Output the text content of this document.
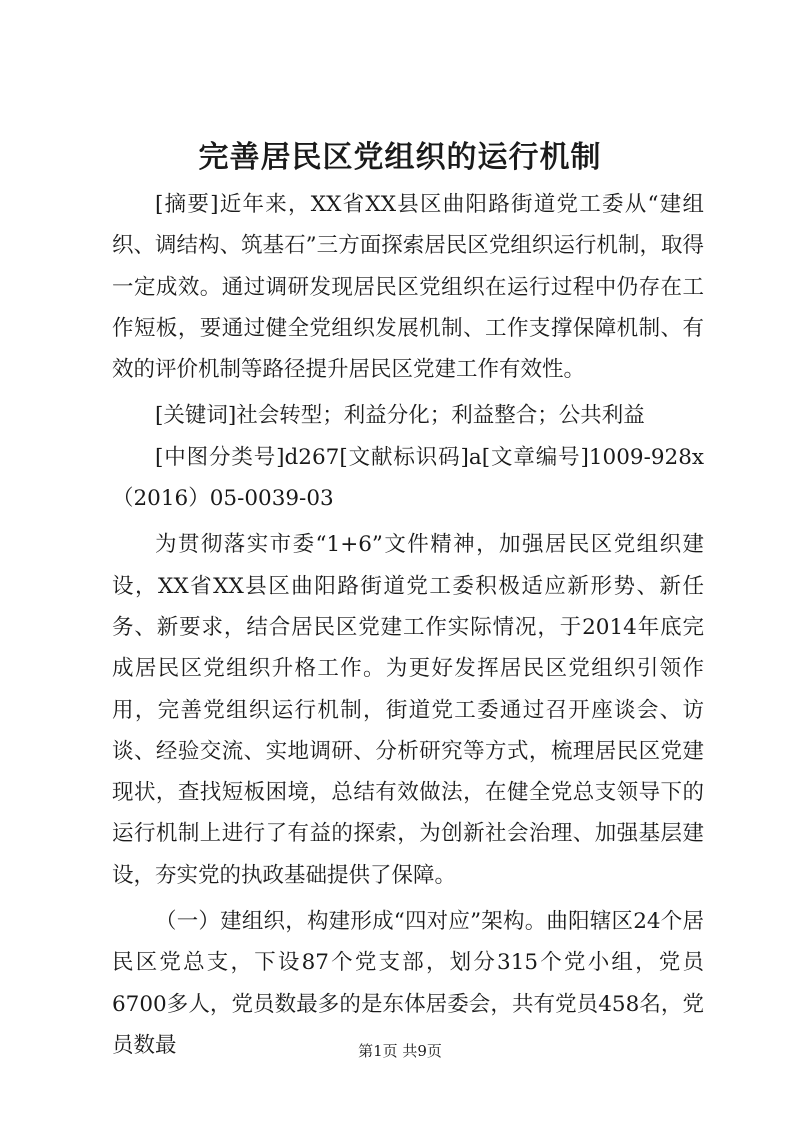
完善居民区党组织的运行机制

[摘要]近年来，XX省XX县区曲阳路街道党工委从“建组织、调结构、筑基石”三方面探索居民区党组织运行机制，取得一定成效。通过调研发现居民区党组织在运行过程中仍存在工作短板，要通过健全党组织发展机制、工作支撑保障机制、有效的评价机制等路径提升居民区党建工作有效性。

[关键词]社会转型；利益分化；利益整合；公共利益

[中图分类号]d267[文献标识码]a[文章编号]1009-928x（2016）05-0039-03

为贯彻落实市委“1+6”文件精神，加强居民区党组织建设，XX省XX县区曲阳路街道党工委积极适应新形势、新任务、新要求，结合居民区党建工作实际情况，于2014年底完成居民区党组织升格工作。为更好发挥居民区党组织引领作用，完善党组织运行机制，街道党工委通过召开座谈会、访谈、经验交流、实地调研、分析研究等方式，梳理居民区党建现状，查找短板困境，总结有效做法，在健全党总支领导下的运行机制上进行了有益的探索，为创新社会治理、加强基层建设，夯实党的执政基础提供了保障。

（一）建组织，构建形成“四对应”架构。曲阳辖区24个居民区党总支，下设87个党支部，划分315个党小组，党员6700多人，党员数最多的是东体居委会，共有党员458名，党员数最	第1页 共9页
